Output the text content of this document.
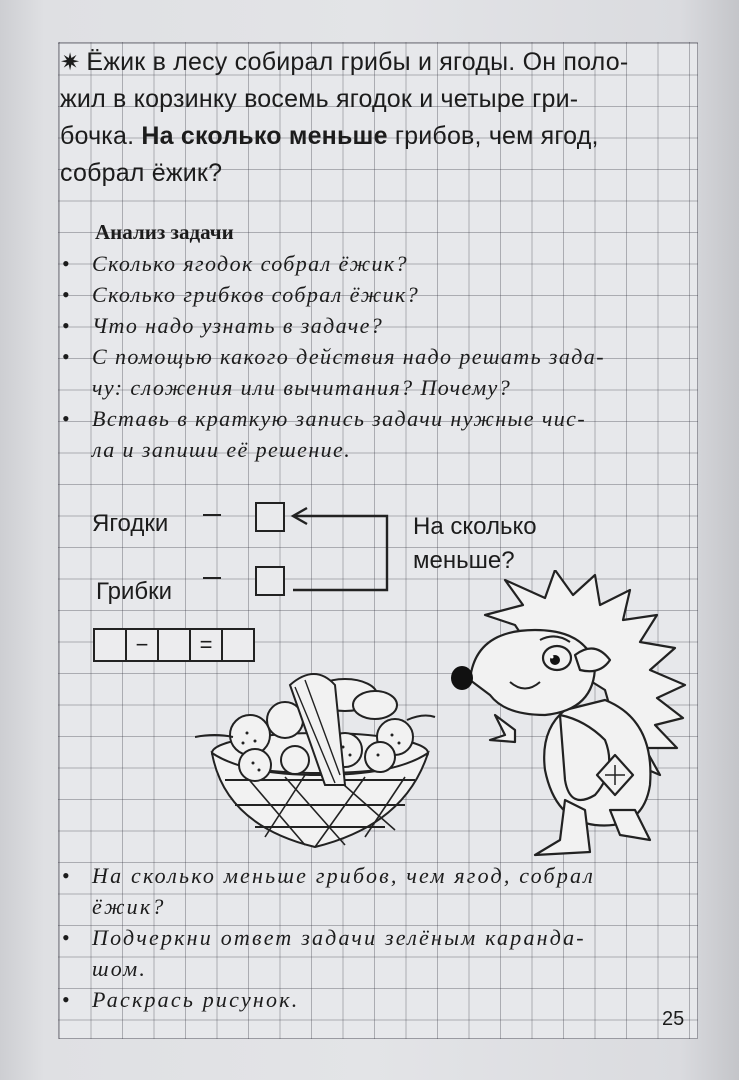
✷ Ёжик в лесу собирал грибы и ягоды. Он поло-
жил в корзинку восемь ягодок и четыре гри-
бочка. На сколько меньше грибов, чем ягод,
собрал ёжик?
Анализ задачи
• Сколько ягодок собрал ёжик?
• Сколько грибков собрал ёжик?
• Что надо узнать в задаче?
• С помощью какого действия надо решать зада-
чу: сложения или вычитания? Почему?
• Вставь в краткую запись задачи нужные чис-
ла и запиши её решение.
Ягодки
Грибки
На сколько
меньше?
−	=
• На сколько меньше грибов, чем ягод, собрал
ёжик?
• Подчеркни ответ задачи зелёным каранда-
шом.
• Раскрась рисунок.
25
